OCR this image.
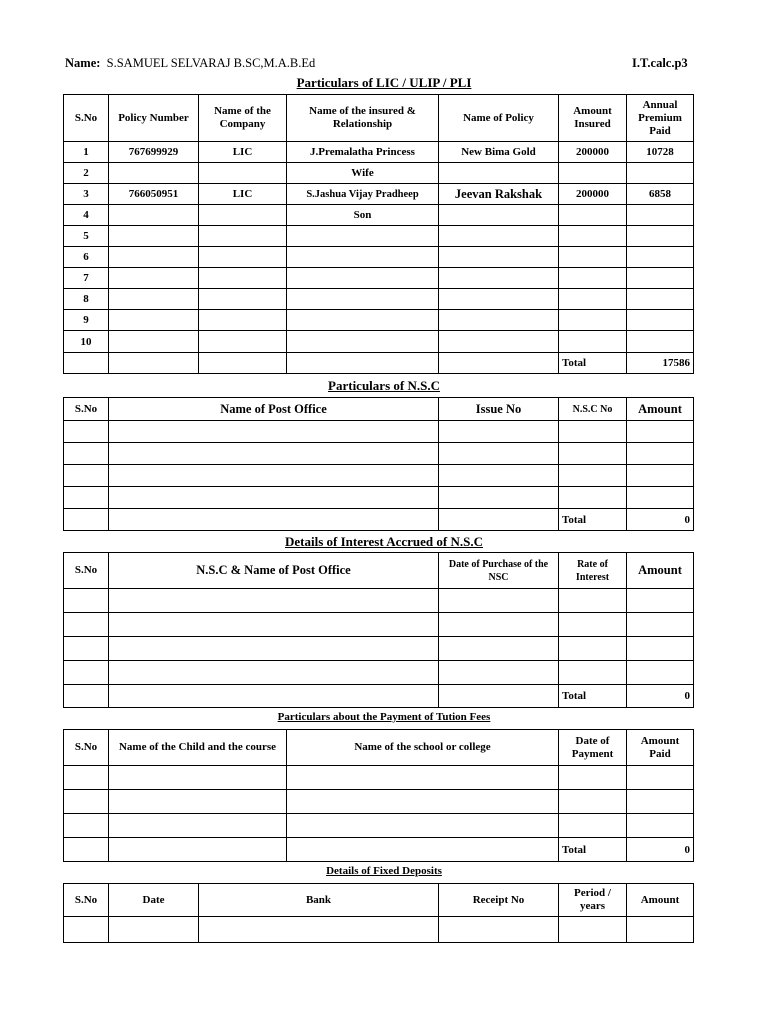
Name: S.SAMUEL SELVARAJ B.SC,M.A.B.Ed	I.T.calc.p3
Particulars of LIC / ULIP / PLI
S.No	Policy Number	Name of the Company	Name of the insured & Relationship	Name of Policy	Amount Insured	Annual Premium Paid
1	767699929	LIC	J.Premalatha Princess	New Bima Gold	200000	10728
2			Wife			
3	766050951	LIC	S.Jashua Vijay Pradheep	Jeevan Rakshak	200000	6858
4			Son			
5						
6						
7						
8						
9						
10						
					Total	17586
Particulars of N.S.C
S.No	Name of Post Office	Issue No	N.S.C No	Amount

			Total	0
Details of Interest Accrued of N.S.C
S.No	N.S.C & Name of Post Office	Date of Purchase of the NSC	Rate of Interest	Amount

			Total	0
Particulars about the Payment of Tution Fees
S.No	Name of the Child and the course	Name of the school or college	Date of Payment	Amount Paid

			Total	0
Details of Fixed Deposits
S.No	Date	Bank	Receipt No	Period / years	Amount
